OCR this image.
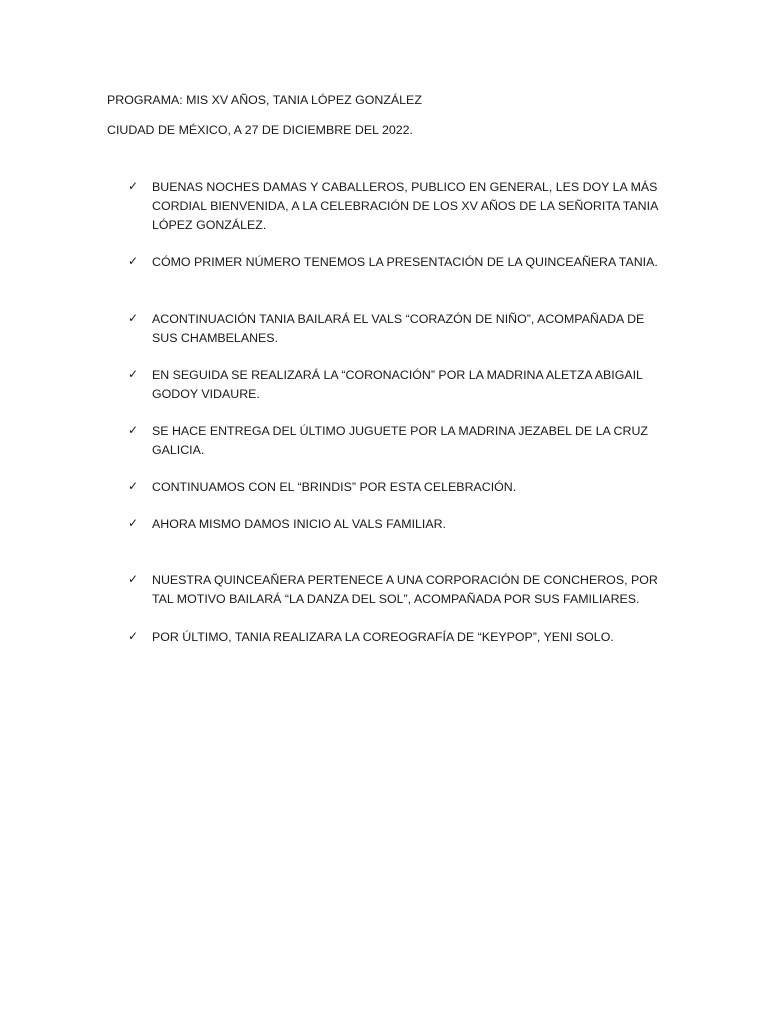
PROGRAMA: MIS XV AÑOS, TANIA LÓPEZ GONZÁLEZ
CIUDAD DE MÉXICO, A 27 DE DICIEMBRE DEL 2022.
✓	BUENAS NOCHES DAMAS Y CABALLEROS, PUBLICO EN GENERAL, LES DOY LA MÁS CORDIAL BIENVENIDA, A LA CELEBRACIÓN DE LOS XV AÑOS DE LA SEÑORITA TANIA LÓPEZ GONZÁLEZ.
✓	CÓMO PRIMER NÚMERO TENEMOS LA PRESENTACIÓN DE LA QUINCEAÑERA TANIA.
✓	ACONTINUACIÓN TANIA BAILARÁ EL VALS “CORAZÓN DE NIÑO”, ACOMPAÑADA DE SUS CHAMBELANES.
✓	EN SEGUIDA SE REALIZARÁ LA “CORONACIÓN” POR LA MADRINA ALETZA ABIGAIL GODOY VIDAURE.
✓	SE HACE ENTREGA DEL ÚLTIMO JUGUETE POR LA MADRINA JEZABEL DE LA CRUZ GALICIA.
✓	CONTINUAMOS CON EL “BRINDIS” POR ESTA CELEBRACIÓN.
✓	AHORA MISMO DAMOS INICIO AL VALS FAMILIAR.
✓	NUESTRA QUINCEAÑERA PERTENECE A UNA CORPORACIÓN DE CONCHEROS, POR TAL MOTIVO BAILARÁ “LA DANZA DEL SOL”, ACOMPAÑADA POR SUS FAMILIARES.
✓	POR ÚLTIMO, TANIA REALIZARA LA COREOGRAFÍA DE “KEYPOP”, YENI SOLO.
